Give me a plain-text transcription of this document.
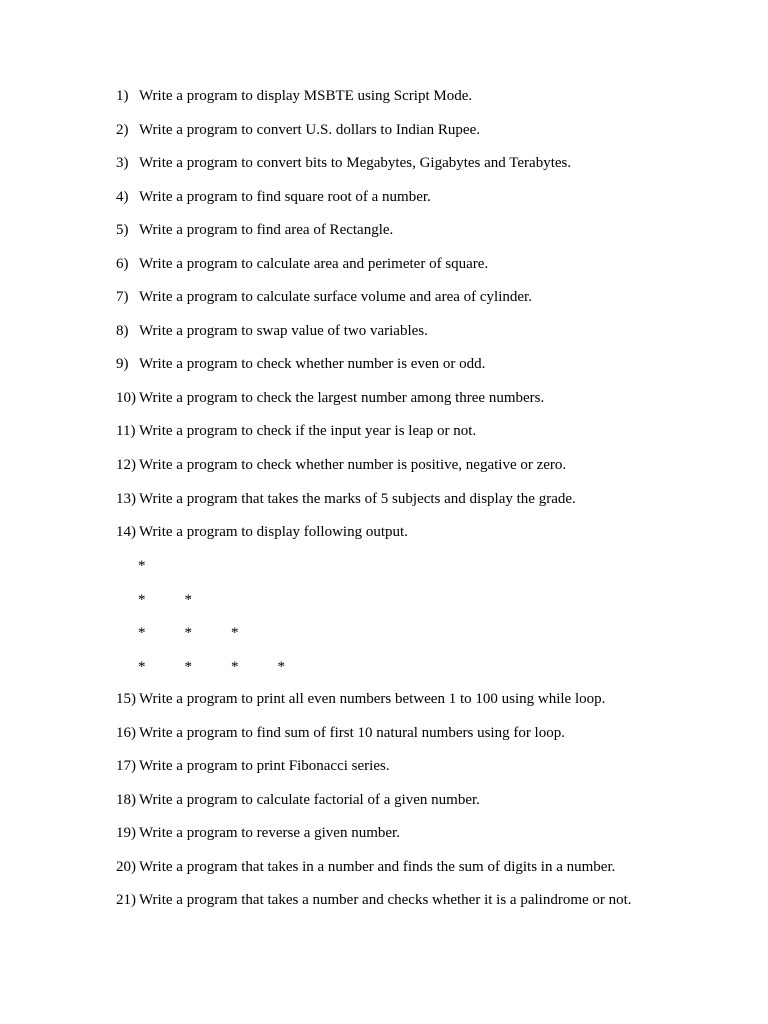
1) Write a program to display MSBTE using Script Mode.
2) Write a program to convert U.S. dollars to Indian Rupee.
3) Write a program to convert bits to Megabytes, Gigabytes and Terabytes.
4) Write a program to find square root of a number.
5) Write a program to find area of Rectangle.
6) Write a program to calculate area and perimeter of square.
7) Write a program to calculate surface volume and area of cylinder.
8) Write a program to swap value of two variables.
9) Write a program to check whether number is even or odd.
10) Write a program to check the largest number among three numbers.
11) Write a program to check if the input year is leap or not.
12) Write a program to check whether number is positive, negative or zero.
13) Write a program that takes the marks of 5 subjects and display the grade.
14) Write a program to display following output.
*
*	*
*	*	*
*	*	*	*
15) Write a program to print all even numbers between 1 to 100 using while loop.
16) Write a program to find sum of first 10 natural numbers using for loop.
17) Write a program to print Fibonacci series.
18) Write a program to calculate factorial of a given number.
19) Write a program to reverse a given number.
20) Write a program that takes in a number and finds the sum of digits in a number.
21) Write a program that takes a number and checks whether it is a palindrome or not.
